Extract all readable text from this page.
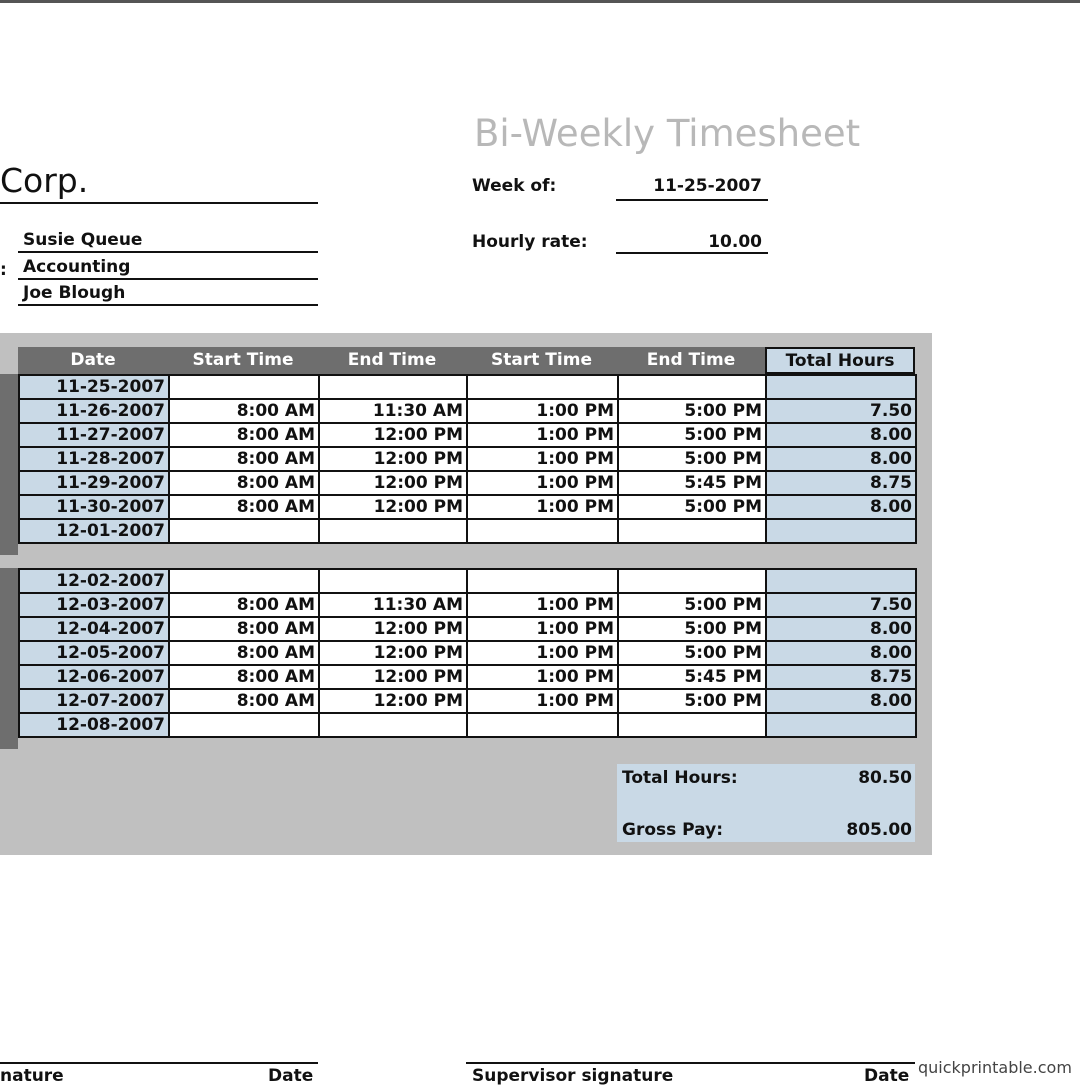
Bi-Weekly Timesheet
Corp.	Week of:	11-25-2007
Hourly rate:	10.00
:
Susie Queue
Accounting
Joe Blough
Date	Start Time	End Time	Start Time	End Time	Total Hours
11-25-2007					
11-26-2007	8:00 AM	11:30 AM	1:00 PM	5:00 PM	7.50
11-27-2007	8:00 AM	12:00 PM	1:00 PM	5:00 PM	8.00
11-28-2007	8:00 AM	12:00 PM	1:00 PM	5:00 PM	8.00
11-29-2007	8:00 AM	12:00 PM	1:00 PM	5:45 PM	8.75
11-30-2007	8:00 AM	12:00 PM	1:00 PM	5:00 PM	8.00
12-01-2007					
12-02-2007					
12-03-2007	8:00 AM	11:30 AM	1:00 PM	5:00 PM	7.50
12-04-2007	8:00 AM	12:00 PM	1:00 PM	5:00 PM	8.00
12-05-2007	8:00 AM	12:00 PM	1:00 PM	5:00 PM	8.00
12-06-2007	8:00 AM	12:00 PM	1:00 PM	5:45 PM	8.75
12-07-2007	8:00 AM	12:00 PM	1:00 PM	5:00 PM	8.00
12-08-2007					
Total Hours:	80.50
Gross Pay:	805.00
nature	Date	Supervisor signature	Date quickprintable.com
